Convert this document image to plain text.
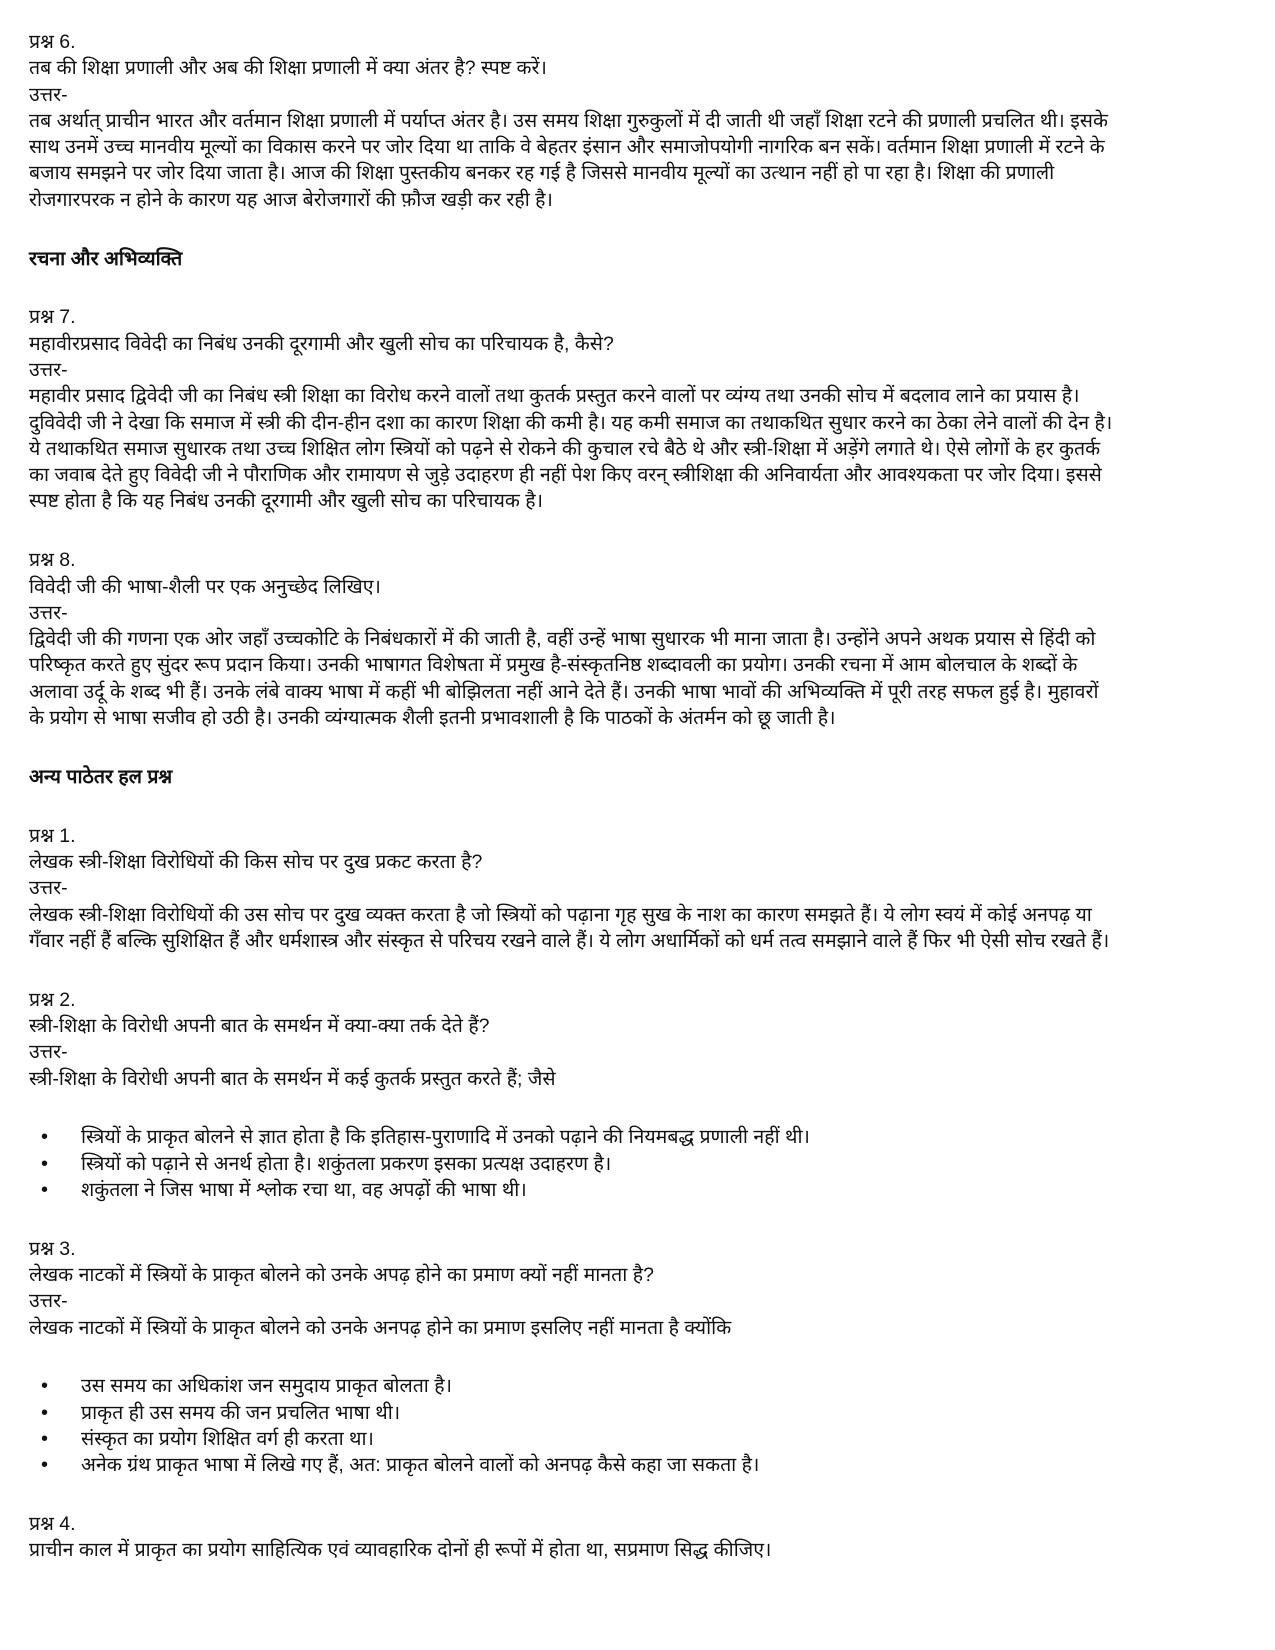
प्रश्न 6.
तब की शिक्षा प्रणाली और अब की शिक्षा प्रणाली में क्या अंतर है? स्पष्ट करें।
उत्तर-
तब अर्थात् प्राचीन भारत और वर्तमान शिक्षा प्रणाली में पर्याप्त अंतर है। उस समय शिक्षा गुरुकुलों में दी जाती थी जहाँ शिक्षा रटने की प्रणाली प्रचलित थी। इसके
साथ उनमें उच्च मानवीय मूल्यों का विकास करने पर जोर दिया था ताकि वे बेहतर इंसान और समाजोपयोगी नागरिक बन सकें। वर्तमान शिक्षा प्रणाली में रटने के
बजाय समझने पर जोर दिया जाता है। आज की शिक्षा पुस्तकीय बनकर रह गई है जिससे मानवीय मूल्यों का उत्थान नहीं हो पा रहा है। शिक्षा की प्रणाली
रोजगारपरक न होने के कारण यह आज बेरोजगारों की फ़ौज खड़ी कर रही है।
रचना और अभिव्यक्ति
प्रश्न 7.
महावीरप्रसाद विवेदी का निबंध उनकी दूरगामी और खुली सोच का परिचायक है, कैसे?
उत्तर-
महावीर प्रसाद द्विवेदी जी का निबंध स्त्री शिक्षा का विरोध करने वालों तथा कुतर्क प्रस्तुत करने वालों पर व्यंग्य तथा उनकी सोच में बदलाव लाने का प्रयास है।
दुविवेदी जी ने देखा कि समाज में स्त्री की दीन-हीन दशा का कारण शिक्षा की कमी है। यह कमी समाज का तथाकथित सुधार करने का ठेका लेने वालों की देन है।
ये तथाकथित समाज सुधारक तथा उच्च शिक्षित लोग स्त्रियों को पढ़ने से रोकने की कुचाल रचे बैठे थे और स्त्री-शिक्षा में अड़ेंगे लगाते थे। ऐसे लोगों के हर कुतर्क
का जवाब देते हुए विवेदी जी ने पौराणिक और रामायण से जुड़े उदाहरण ही नहीं पेश किए वरन् स्त्रीशिक्षा की अनिवार्यता और आवश्यकता पर जोर दिया। इससे
स्पष्ट होता है कि यह निबंध उनकी दूरगामी और खुली सोच का परिचायक है।
प्रश्न 8.
विवेदी जी की भाषा-शैली पर एक अनुच्छेद लिखिए।
उत्तर-
द्विवेदी जी की गणना एक ओर जहाँ उच्चकोटि के निबंधकारों में की जाती है, वहीं उन्हें भाषा सुधारक भी माना जाता है। उन्होंने अपने अथक प्रयास से हिंदी को
परिष्कृत करते हुए सुंदर रूप प्रदान किया। उनकी भाषागत विशेषता में प्रमुख है-संस्कृतनिष्ठ शब्दावली का प्रयोग। उनकी रचना में आम बोलचाल के शब्दों के
अलावा उर्दू के शब्द भी हैं। उनके लंबे वाक्य भाषा में कहीं भी बोझिलता नहीं आने देते हैं। उनकी भाषा भावों की अभिव्यक्ति में पूरी तरह सफल हुई है। मुहावरों
के प्रयोग से भाषा सजीव हो उठी है। उनकी व्यंग्यात्मक शैली इतनी प्रभावशाली है कि पाठकों के अंतर्मन को छू जाती है।
अन्य पाठेतर हल प्रश्न
प्रश्न 1.
लेखक स्त्री-शिक्षा विरोधियों की किस सोच पर दुख प्रकट करता है?
उत्तर-
लेखक स्त्री-शिक्षा विरोधियों की उस सोच पर दुख व्यक्त करता है जो स्त्रियों को पढ़ाना गृह सुख के नाश का कारण समझते हैं। ये लोग स्वयं में कोई अनपढ़ या
गँवार नहीं हैं बल्कि सुशिक्षित हैं और धर्मशास्त्र और संस्कृत से परिचय रखने वाले हैं। ये लोग अधार्मिकों को धर्म तत्व समझाने वाले हैं फिर भी ऐसी सोच रखते हैं।
प्रश्न 2.
स्त्री-शिक्षा के विरोधी अपनी बात के समर्थन में क्या-क्या तर्क देते हैं?
उत्तर-
स्त्री-शिक्षा के विरोधी अपनी बात के समर्थन में कई कुतर्क प्रस्तुत करते हैं; जैसे
• स्त्रियों के प्राकृत बोलने से ज्ञात होता है कि इतिहास-पुराणादि में उनको पढ़ाने की नियमबद्ध प्रणाली नहीं थी।
• स्त्रियों को पढ़ाने से अनर्थ होता है। शकुंतला प्रकरण इसका प्रत्यक्ष उदाहरण है।
• शकुंतला ने जिस भाषा में श्लोक रचा था, वह अपढ़ों की भाषा थी।
प्रश्न 3.
लेखक नाटकों में स्त्रियों के प्राकृत बोलने को उनके अपढ़ होने का प्रमाण क्यों नहीं मानता है?
उत्तर-
लेखक नाटकों में स्त्रियों के प्राकृत बोलने को उनके अनपढ़ होने का प्रमाण इसलिए नहीं मानता है क्योंकि
• उस समय का अधिकांश जन समुदाय प्राकृत बोलता है।
• प्राकृत ही उस समय की जन प्रचलित भाषा थी।
• संस्कृत का प्रयोग शिक्षित वर्ग ही करता था।
• अनेक ग्रंथ प्राकृत भाषा में लिखे गए हैं, अत: प्राकृत बोलने वालों को अनपढ़ कैसे कहा जा सकता है।
प्रश्न 4.
प्राचीन काल में प्राकृत का प्रयोग साहित्यिक एवं व्यावहारिक दोनों ही रूपों में होता था, सप्रमाण सिद्ध कीजिए।
